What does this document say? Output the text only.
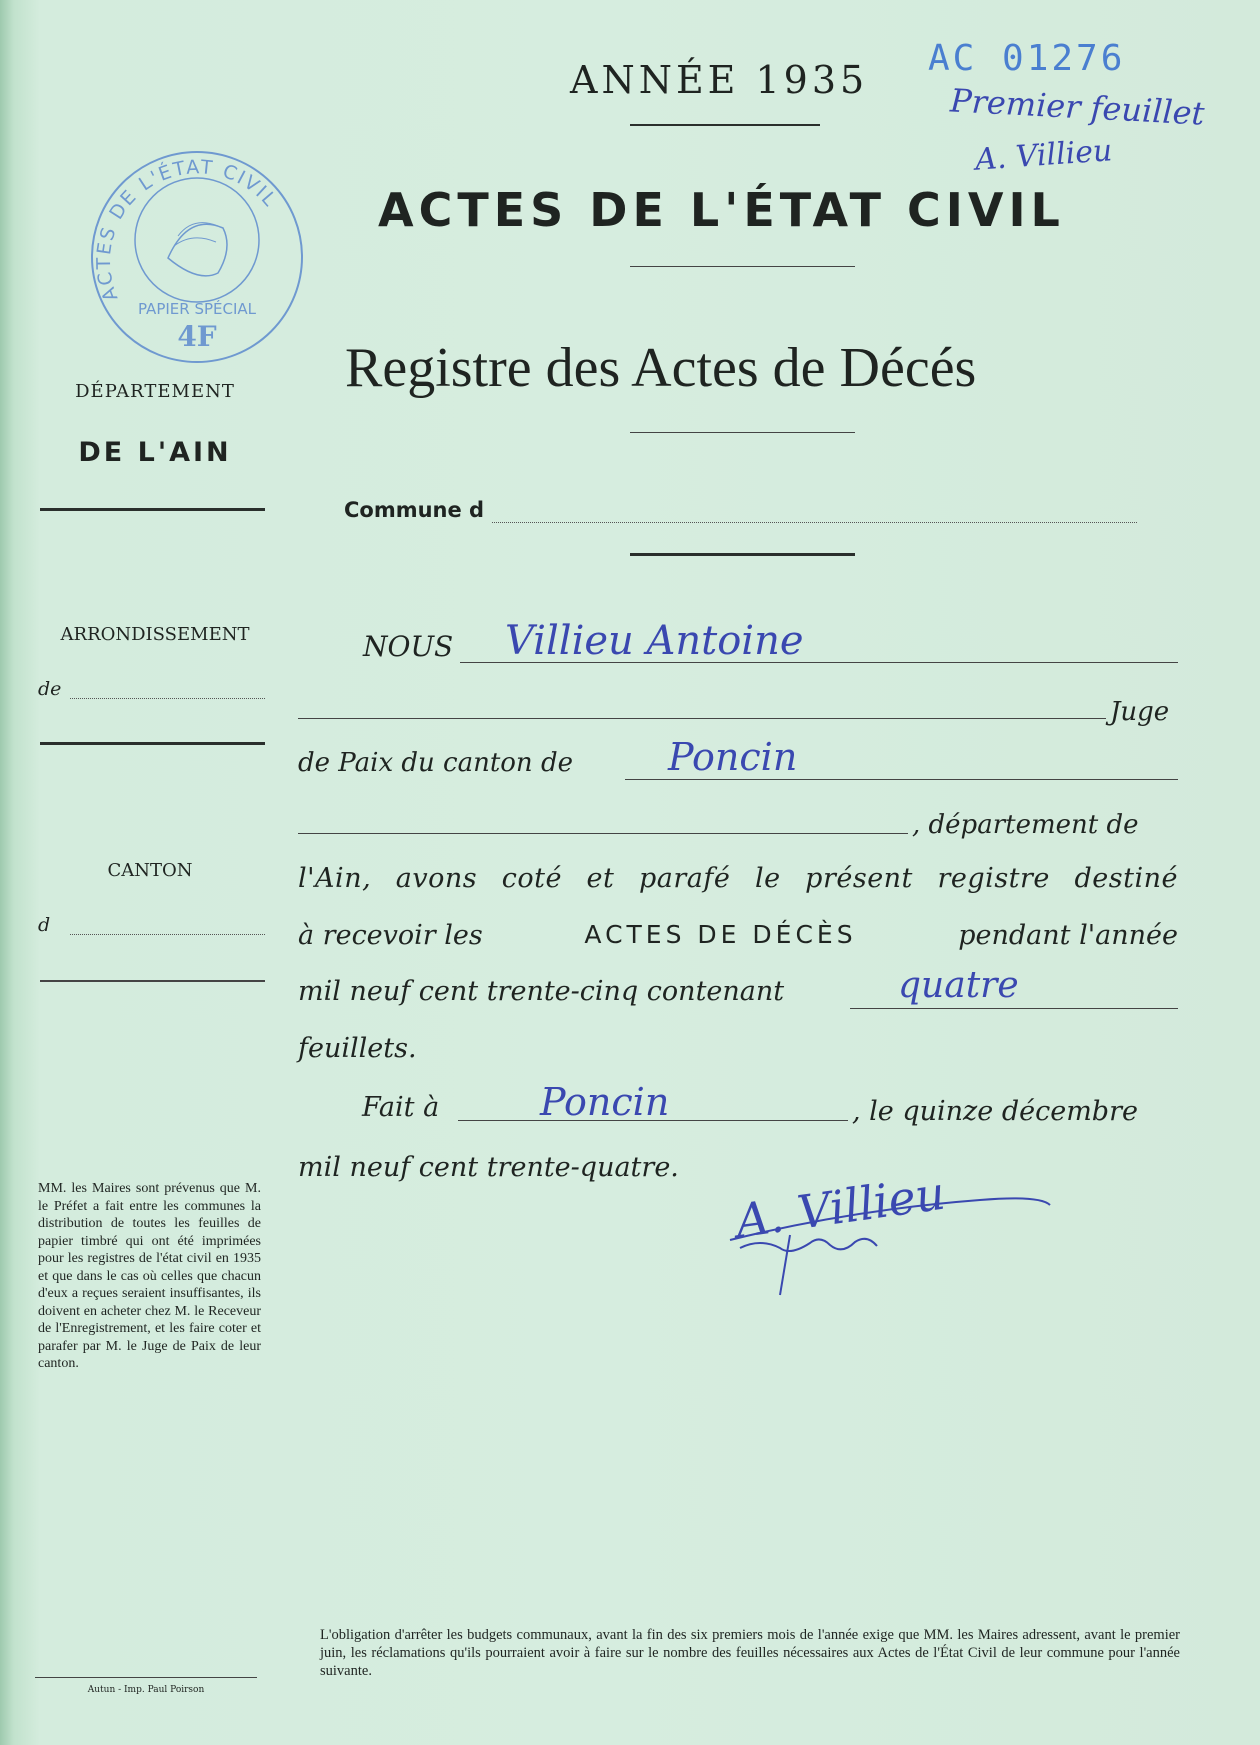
ANNÉE 1935 AC 01276
Premier feuillet
A. Villieu
ACTES DE L'ÉTAT CIVIL
Registre des Actes de Décés
ACTES DE L'ÉTAT CIVIL
PAPIER SPÉCIAL
4F
DÉPARTEMENT
DE L'AIN
ARRONDISSEMENT
de
CANTON
d
MM. les Maires sont prévenus que M. le Préfet a fait entre les communes la distribution de toutes les feuilles de papier timbré qui ont été imprimées pour les registres de l'état civil en 1935 et que dans le cas où celles que chacun d'eux a reçues seraient insuffisantes, ils doivent en acheter chez M. le Receveur de l'Enregistrement, et les faire coter et parafer par M. le Juge de Paix de leur canton.
Autun - Imp. Paul Poirson
Commune d
NOUS Villieu Antoine
Juge
de Paix du canton de	Poncin
, département de
l'Ain, avons coté et parafé le présent registre destiné
à recevoir les	ACTES DE DÉCÈS	pendant l'année
mil neuf cent trente-cinq contenant	quatre
feuillets.
Fait à	Poncin	, le quinze décembre
mil neuf cent trente-quatre. A. Villieu
L'obligation d'arrêter les budgets communaux, avant la fin des six premiers mois de l'année exige que MM. les Maires adressent, avant le premier juin, les réclamations qu'ils pourraient avoir à faire sur le nombre des feuilles nécessaires aux Actes de l'État Civil de leur commune pour l'année suivante.
